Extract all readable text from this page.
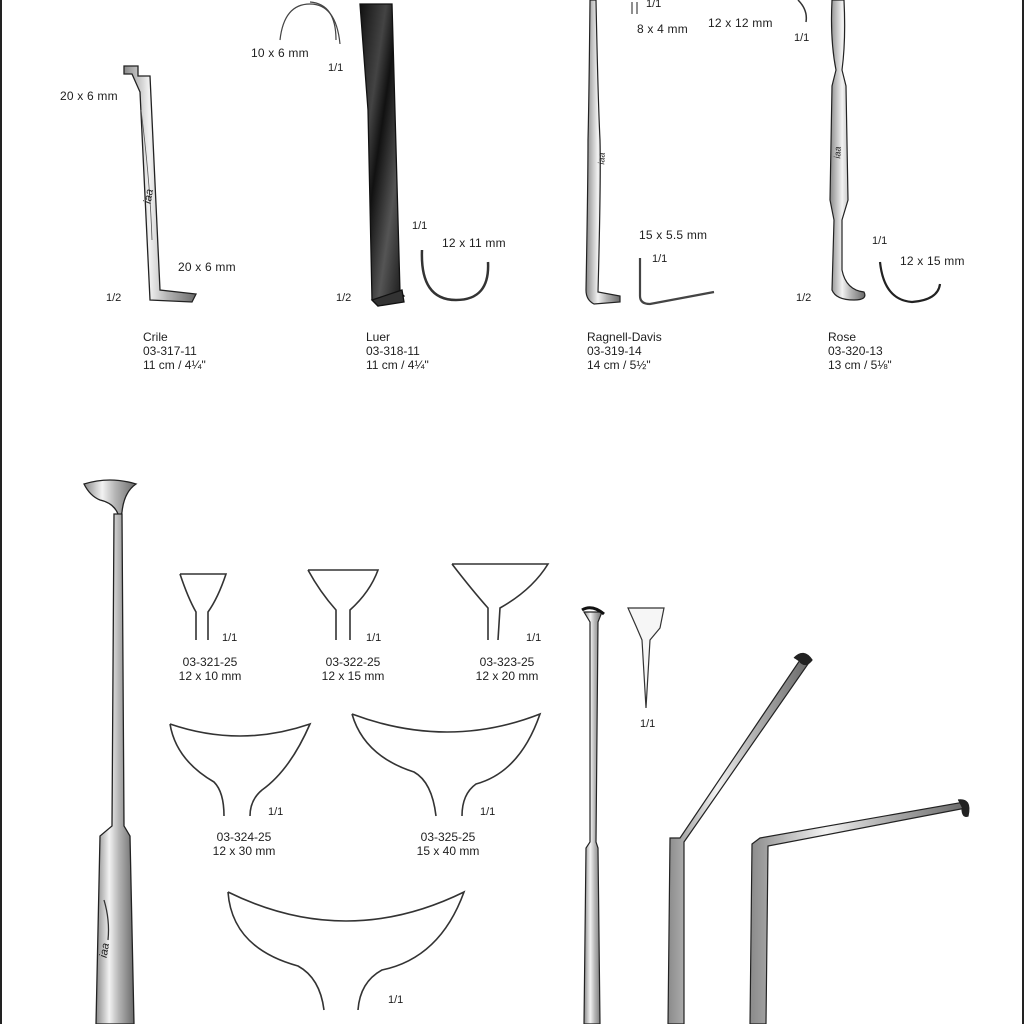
20 x 6 mm
20 x 6 mm
1/2
10 x 6 mm
1/1
1/1
12 x 11 mm
1/2
1/1
8 x 4 mm
15 x 5.5 mm
1/1
12 x 12 mm
1/1
1/1
12 x 15 mm
1/2
Crile
03-317-11
11 cm / 4¼"
Luer
03-318-11
11 cm / 4¼"
Ragnell-Davis
03-319-14
14 cm / 5½"
Rose
03-320-13
13 cm / 5⅛"
1/1	1/1	1/1
1/1	1/1
1/1
1/1
03-321-25
12 x 10 mm
03-322-25
12 x 15 mm
03-323-25
12 x 20 mm
03-324-25
12 x 30 mm
03-325-25
15 x 40 mm
iaa
iaa	iaa
iaa
